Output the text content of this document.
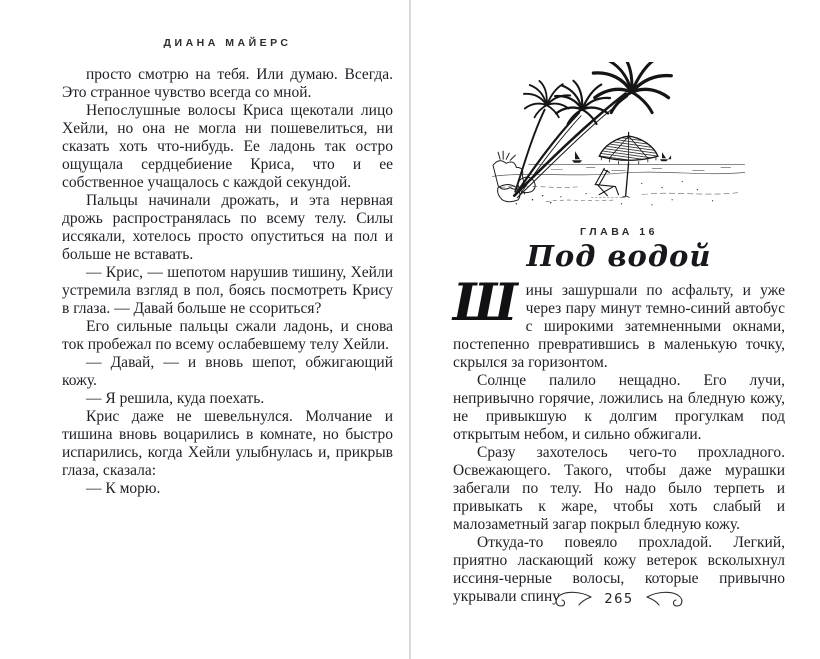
ДИАНА МАЙЕРС

просто смотрю на тебя. Или думаю. Всегда. Это странное чувство всегда со мной.

Непослушные волосы Криса щекотали лицо Хейли, но она не могла ни пошевелиться, ни сказать хоть что-нибудь. Ее ладонь так остро ощущала сердцебиение Криса, что и ее собственное учащалось с каждой секундой.

Пальцы начинали дрожать, и эта нервная дрожь распространялась по всему телу. Силы иссякали, хотелось просто опуститься на пол и больше не вставать.

— Крис, — шепотом нарушив тишину, Хейли устремила взгляд в пол, боясь посмотреть Крису в глаза. — Давай больше не ссориться?

Его сильные пальцы сжали ладонь, и снова ток пробежал по всему ослабевшему телу Хейли.

— Давай, — и вновь шепот, обжигающий кожу.

— Я решила, куда поехать.

Крис даже не шевельнулся. Молчание и тишина вновь воцарились в комнате, но быстро испарились, когда Хейли улыбнулась и, прикрыв глаза, сказала:

— К морю.

ГЛАВА 16
Под водой

Шины зашуршали по асфальту, и уже через пару минут темно-синий автобус с широкими затемненными окнами, постепенно превратившись в маленькую точку, скрылся за горизонтом.

Солнце палило нещадно. Его лучи, непривычно горячие, ложились на бледную кожу, не привыкшую к долгим прогулкам под открытым небом, и сильно обжигали.

Сразу захотелось чего-то прохладного. Освежающего. Такого, чтобы даже мурашки забегали по телу. Но надо было терпеть и привыкать к жаре, чтобы хоть слабый и малозаметный загар покрыл бледную кожу.

Откуда-то повеяло прохладой. Легкий, приятно ласкающий кожу ветерок всколыхнул иссиня-черные волосы, которые привычно укрывали спину	265
